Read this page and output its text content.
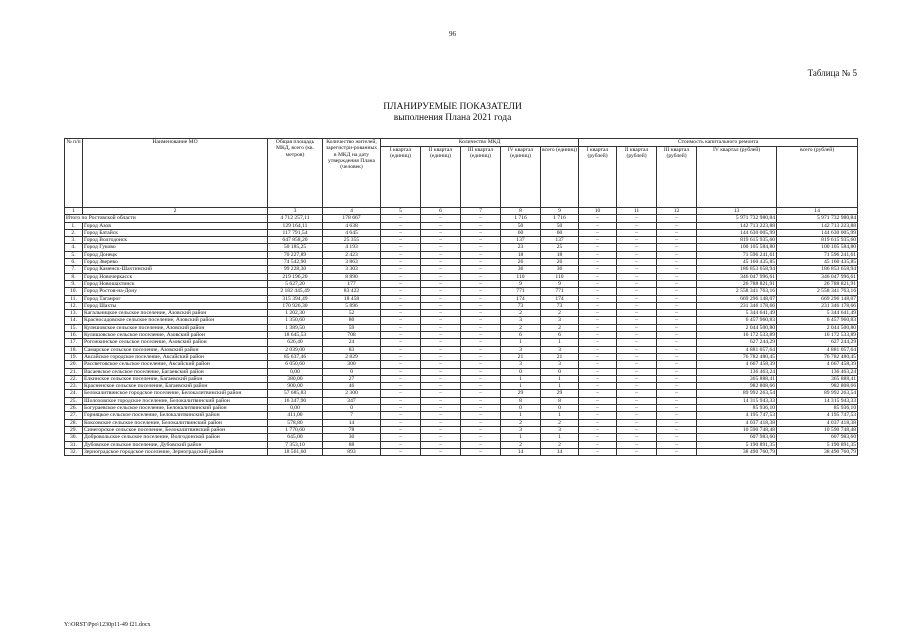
96
Таблица № 5
ПЛАНИРУЕМЫЕ ПОКАЗАТЕЛИ
выполнения Плана 2021 года
№ п/п	Наименование МО	Общая площадь МКД, всего (кв. метров)	Количество жителей, зарегистри-рованных в МКД на дату утверждения Плана (человек)	Количество МКД					Стоимость капитального ремонта				
				I квартал (единиц)	II квартал (единиц)	III квартал (единиц)	IV квартал (единиц)	всего (единиц)	I квартал (рублей)	II квартал (рублей)	III квартал (рублей)	IV квартал (рублей)	всего (рублей)
1	2	3	4	5	6	7	8	9	10	11	12	13	14
Итого по Ростовской области		4 712 257,11	178 667	–	–	–	1 716	1 716	–	–	–	5 971 732 980,84	5 971 732 980,84
1.	Город Азов	129 164,11	4 638	–	–	–	50	50	–	–	–	142 713 223,88	142 713 223,88
2.	Город Батайск	117 791,54	4 645	–	–	–	60	60	–	–	–	144 630 005,99	144 630 005,99
3.	Город Волгодонск	647 858,20	25 355	–	–	–	137	137	–	–	–	819 615 935,60	819 615 935,60
4.	Город Гуково	50 185,25	4 193	–	–	–	23	25	–	–	–	100 105 584,80	100 105 584,80
5.	Город Донецк	70 227,89	2 423	–	–	–	18	18	–	–	–	71 596 241,61	71 596 241,61
6.	Город Зверево	74 542,90	3 863	–	–	–	26	26	–	–	–	45 160 435,85	45 160 435,85
7.	Город Каменск-Шахтинский	99 228,30	3 303	–	–	–	36	36	–	–	–	186 853 658,94	186 853 658,94
8.	Город Новочеркасск	219 196,20	8 890	–	–	–	110	110	–	–	–	346 047 996,61	346 047 996,61
9.	Город Новошахтинск	5 627,20	177	–	–	–	9	9	–	–	–	26 788 821,91	26 788 821,91
10.	Город Ростов-на-Дону	2 182 445,49	83 422	–	–	–	771	771	–	–	–	2 558 341 763,16	2 558 341 763,16
11.	Город Таганрог	315 394,49	18 458	–	–	–	174	174	–	–	–	669 296 148,07	669 296 148,07
12.	Город Шахты	170 926,30	5 896	–	–	–	73	73	–	–	–	231 346 178,66	231 346 178,66
13.	Кагальницкое сельское поселение, Азовский район	1 202,30	52	–	–	–	2	2	–	–	–	5 344 641,49	5 344 641,49
14.	Красносадовское сельское поселение, Азовский район	1 350,60	80	–	–	–	3	3	–	–	–	6 457 960,83	6 457 960,83
15.	Кулешовское сельское поселение, Азовский район	1 389,50	59	–	–	–	2	2	–	–	–	2 044 500,80	2 044 500,80
16.	Кулишовское сельское поселение, Азовский район	18 645,53	708	–	–	–	6	6	–	–	–	16 172 533,89	16 172 533,89
17.	Рогожкинское сельское поселение, Азовский район	626,40	24	–	–	–	1	1	–	–	–	627 244,29	627 244,29
18.	Самарское сельское поселение, Азовский район	2 039,00	83	–	–	–	3	3	–	–	–	4 881 057,64	4 881 057,64
19.	Аксайское городское поселение, Аксайский район	85 637,46	2 829	–	–	–	21	21	–	–	–	76 782 480,45	76 782 480,45
20.	Рассветовское сельское поселение, Аксайский район	6 050,60	300	–	–	–	3	3	–	–	–	4 667 458,39	4 667 458,39
21.	Васаевское сельское поселение, Багаевский район	0,00	0	–	–	–	0	0	–	–	–	136 463,24	136 463,24
22.	Елкинское сельское поселение, Багаевский район	380,00	27	–	–	–	1	1	–	–	–	365 888,41	365 888,41
23.	Красненское сельское поселение, Багаевский район	900,00	46	–	–	–	1	1	–	–	–	982 808,66	982 808,66
24.	Белокалитвинское городское поселение, Белокалитвинский район	57 685,83	2 300	–	–	–	29	29	–	–	–	89 992 263,54	89 992 263,54
25.	Шолоховское городское поселение, Белокалитвинский район	16 347,90	347	–	–	–	8	8	–	–	–	14 315 943,33	14 315 943,33
26.	Богураевское сельское поселение, Белокалитвинский район	0,00	0	–	–	–	0	0	–	–	–	85 936,10	85 936,10
27.	Горняцкое сельское поселение, Белокалитвинский район	411,00	7	–	–	–	1	1	–	–	–	4 195 747,53	4 195 747,53
28.	Коксовское сельское поселение, Белокалитвинский район	578,80	14	–	–	–	2	2	–	–	–	4 037 418,38	4 037 418,38
29.	Синегорское сельское поселение, Белокалитвинский район	1 770,60	78	–	–	–	3	3	–	–	–	10 590 748,48	10 590 748,48
30.	Добровольское сельское поселение, Волгодонской район	645,00	30	–	–	–	1	1	–	–	–	607 983,60	607 983,60
31.	Дубовское сельское поселение, Дубовский район	7 353,10	88	–	–	–	2	2	–	–	–	5 190 891,35	5 190 891,35
32.	Зерноградское городское поселение, Зерноградский район	18 561,60	893	–	–	–	14	14	–	–	–	38 490 760,79	38 490 760,79
Y:\ORST\Ppo\1230p11-49 f21.docx
